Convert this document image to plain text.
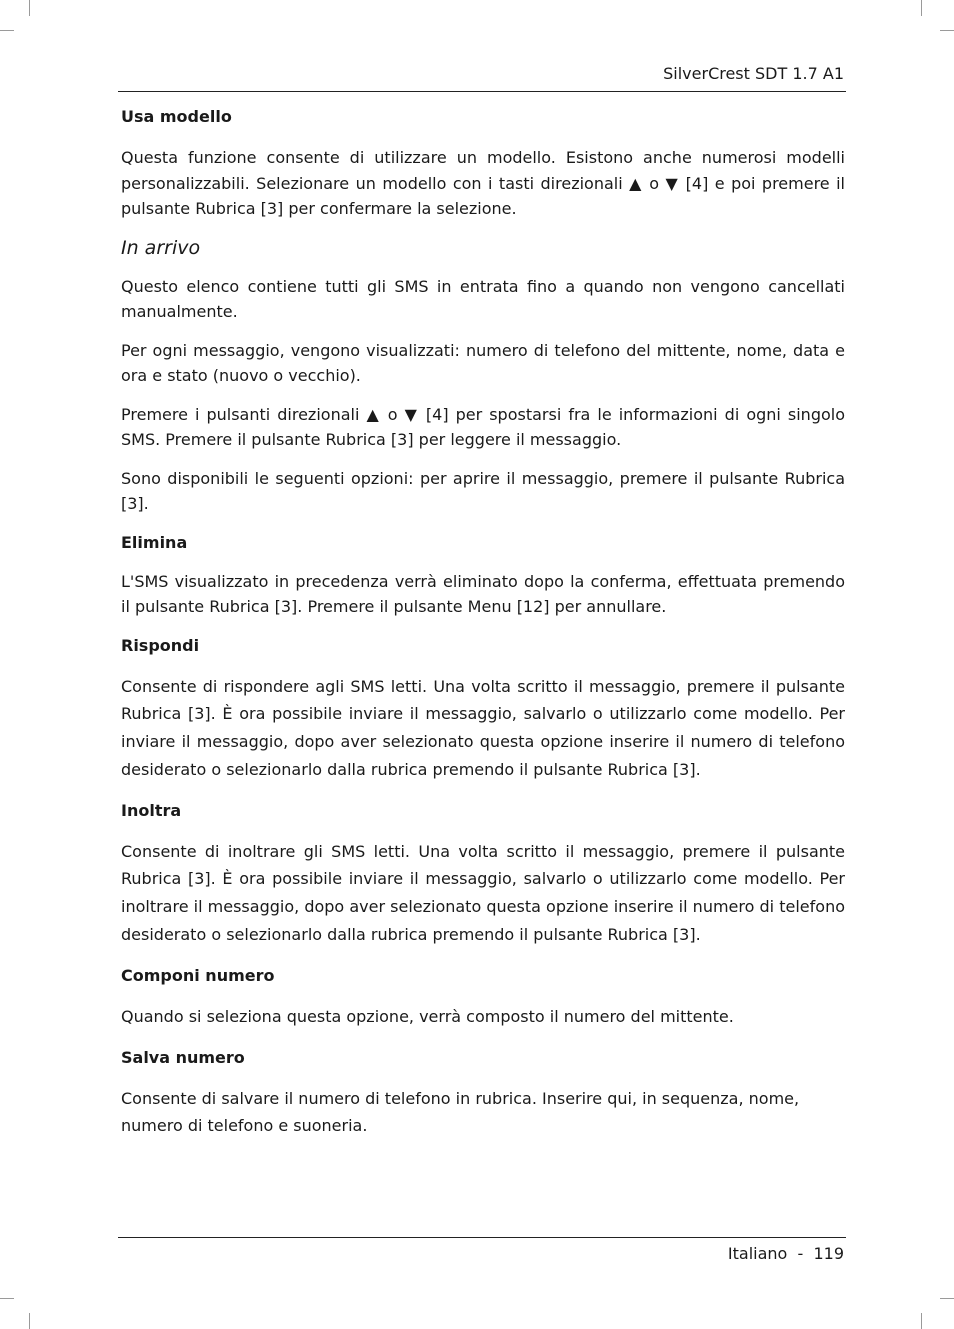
SilverCrest SDT 1.7 A1
Usa modello

Questa funzione consente di utilizzare un modello. Esistono anche numerosi modelli personalizzabili. Selezionare un modello con i tasti direzionali ▲ o ▼ [4] e poi premere il pulsante Rubrica [3] per confermare la selezione.

In arrivo

Questo elenco contiene tutti gli SMS in entrata fino a quando non vengono cancellati manualmente.

Per ogni messaggio, vengono visualizzati: numero di telefono del mittente, nome, data e ora e stato (nuovo o vecchio).

Premere i pulsanti direzionali ▲ o ▼ [4] per spostarsi fra le informazioni di ogni singolo SMS. Premere il pulsante Rubrica [3] per leggere il messaggio.

Sono disponibili le seguenti opzioni: per aprire il messaggio, premere il pulsante Rubrica [3].

Elimina

L'SMS visualizzato in precedenza verrà eliminato dopo la conferma, effettuata premendo il pulsante Rubrica [3]. Premere il pulsante Menu [12] per annullare.

Rispondi

Consente di rispondere agli SMS letti. Una volta scritto il messaggio, premere il pulsante Rubrica [3]. È ora possibile inviare il messaggio, salvarlo o utilizzarlo come modello. Per inviare il messaggio, dopo aver selezionato questa opzione inserire il numero di telefono desiderato o selezionarlo dalla rubrica premendo il pulsante Rubrica [3].

Inoltra

Consente di inoltrare gli SMS letti. Una volta scritto il messaggio, premere il pulsante Rubrica [3]. È ora possibile inviare il messaggio, salvarlo o utilizzarlo come modello. Per inoltrare il messaggio, dopo aver selezionato questa opzione inserire il numero di telefono desiderato o selezionarlo dalla rubrica premendo il pulsante Rubrica [3].

Componi numero

Quando si seleziona questa opzione, verrà composto il numero del mittente.

Salva numero

Consente di salvare il numero di telefono in rubrica. Inserire qui, in sequenza, nome, numero di telefono e suoneria.

Italiano - 119
